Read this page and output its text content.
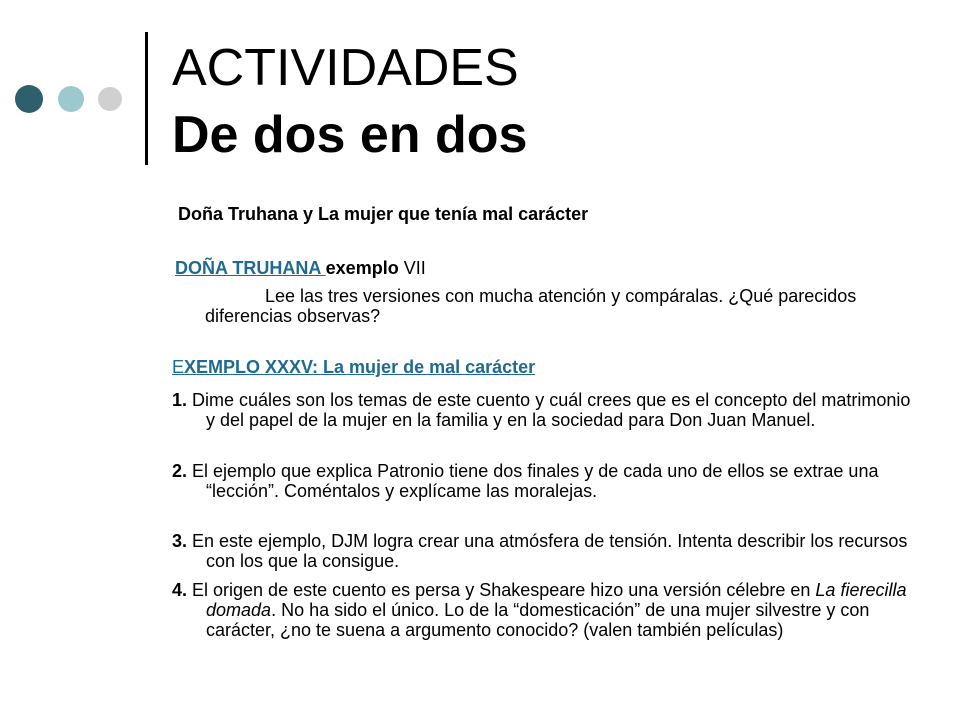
ACTIVIDADES
De dos en dos
Doña Truhana y La mujer que tenía mal carácter
DOÑA TRUHANA exemplo VII
Lee las tres versiones con mucha atención y compáralas. ¿Qué parecidos diferencias observas?
EXEMPLO XXXV: La mujer de mal carácter
1. Dime cuáles son los temas de este cuento y cuál crees que es el concepto del matrimonio y del papel de la mujer en la familia y en la sociedad para Don Juan Manuel.
2. El ejemplo que explica Patronio tiene dos finales y de cada uno de ellos se extrae una “lección”. Coméntalos y explícame las moralejas.
3. En este ejemplo, DJM logra crear una atmósfera de tensión. Intenta describir los recursos con los que la consigue.
4. El origen de este cuento es persa y Shakespeare hizo una versión célebre en La fierecilla domada. No ha sido el único. Lo de la “domesticación” de una mujer silvestre y con carácter, ¿no te suena a argumento conocido? (valen también películas)
